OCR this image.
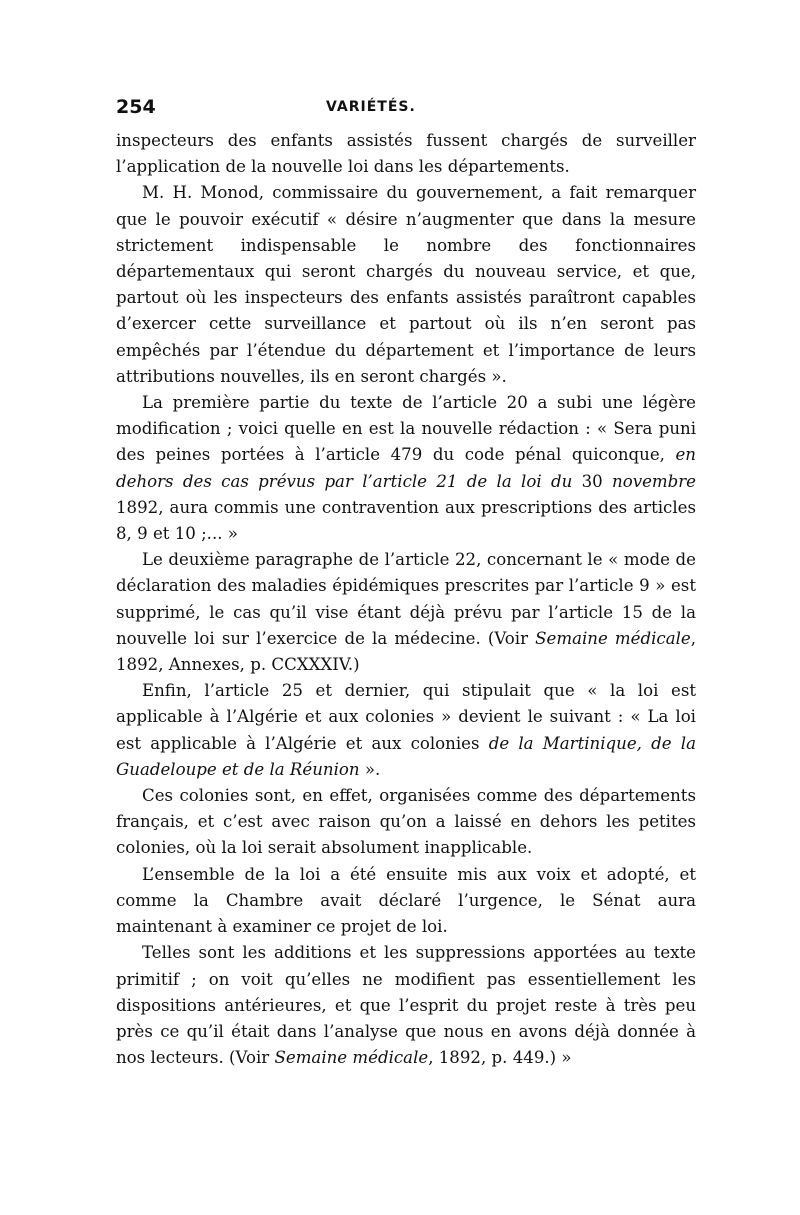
254	VARIÉTÉS.

inspecteurs des enfants assistés fussent chargés de surveiller l’application de la nouvelle loi dans les départements.

M. H. Monod, commissaire du gouvernement, a fait remarquer que le pouvoir exécutif « désire n’augmenter que dans la mesure strictement indispensable le nombre des fonctionnaires départementaux qui seront chargés du nouveau service, et que, partout où les inspecteurs des enfants assistés paraîtront capables d’exercer cette surveillance et partout où ils n’en seront pas empêchés par l’étendue du département et l’importance de leurs attributions nouvelles, ils en seront chargés ».

La première partie du texte de l’article 20 a subi une légère modification ; voici quelle en est la nouvelle rédaction : « Sera puni des peines portées à l’article 479 du code pénal quiconque, en dehors des cas prévus par l’article 21 de la loi du 30 novembre 1892, aura commis une contravention aux prescriptions des articles 8, 9 et 10 ;... »

Le deuxième paragraphe de l’article 22, concernant le « mode de déclaration des maladies épidémiques prescrites par l’article 9 » est supprimé, le cas qu’il vise étant déjà prévu par l’article 15 de la nouvelle loi sur l’exercice de la médecine. (Voir Semaine médicale, 1892, Annexes, p. CCXXXIV.)

Enfin, l’article 25 et dernier, qui stipulait que « la loi est applicable à l’Algérie et aux colonies » devient le suivant : « La loi est applicable à l’Algérie et aux colonies de la Martinique, de la Guadeloupe et de la Réunion ».

Ces colonies sont, en effet, organisées comme des départements français, et c’est avec raison qu’on a laissé en dehors les petites colonies, où la loi serait absolument inapplicable.

L’ensemble de la loi a été ensuite mis aux voix et adopté, et comme la Chambre avait déclaré l’urgence, le Sénat aura maintenant à examiner ce projet de loi.

Telles sont les additions et les suppressions apportées au texte primitif ; on voit qu’elles ne modifient pas essentiellement les dispositions antérieures, et que l’esprit du projet reste à très peu près ce qu’il était dans l’analyse que nous en avons déjà donnée à nos lecteurs. (Voir Semaine médicale, 1892, p. 449.) »
